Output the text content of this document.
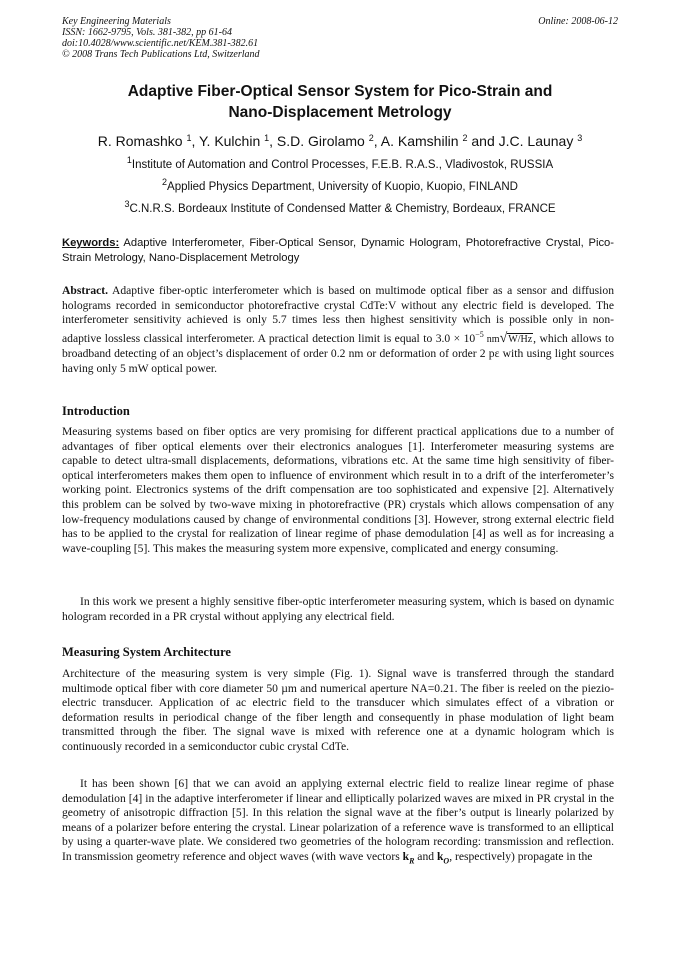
Key Engineering Materials
ISSN: 1662-9795, Vols. 381-382, pp 61-64
doi:10.4028/www.scientific.net/KEM.381-382.61
© 2008 Trans Tech Publications Ltd, Switzerland
Online: 2008-06-12
Adaptive Fiber-Optical Sensor System for Pico-Strain and
Nano-Displacement Metrology
R. Romashko $^1$, Y. Kulchin $^1$, S.D. Girolamo $^2$, A. Kamshilin $^2$ and J.C. Launay $^3$
$^1$Institute of Automation and Control Processes, F.E.B. R.A.S., Vladivostok, RUSSIA
$^2$Applied Physics Department, University of Kuopio, Kuopio, FINLAND
$^3$C.N.R.S. Bordeaux Institute of Condensed Matter & Chemistry, Bordeaux, FRANCE
Keywords: Adaptive Interferometer, Fiber-Optical Sensor, Dynamic Hologram, Photorefractive Crystal, Pico-Strain Metrology, Nano-Displacement Metrology
Abstract. Adaptive fiber-optic interferometer which is based on multimode optical fiber as a sensor and diffusion holograms recorded in semiconductor photorefractive crystal CdTe:V without any electric field is developed. The interferometer sensitivity achieved is only 5.7 times less then highest sensitivity which is possible only in non-adaptive lossless classical interferometer. A practical detection limit is equal to $3.0 \times 10^{-5}$ nm√W/Hz, which allows to broadband detecting of an object’s displacement of order 0.2 nm or deformation of order 2 pε with using light sources having only 5 mW optical power.
Introduction

Measuring systems based on fiber optics are very promising for different practical applications due to a number of advantages of fiber optical elements over their electronics analogues [1]. Interferometer measuring systems are capable to detect ultra-small displacements, deformations, vibrations etc. At the same time high sensitivity of fiber-optical interferometers makes them open to influence of environment which result in to a drift of the interferometer’s working point. Electronics systems of the drift compensation are too sophisticated and expensive [2]. Alternatively this problem can be solved by two-wave mixing in photorefractive (PR) crystals which allows compensation of any low-frequency modulations caused by change of environmental conditions [3]. However, strong external electric field has to be applied to the crystal for realization of linear regime of phase demodulation [4] as well as for increasing a wave-coupling [5]. This makes the measuring system more expensive, complicated and energy consuming.

In this work we present a highly sensitive fiber-optic interferometer measuring system, which is based on dynamic hologram recorded in a PR crystal without applying any electrical field.

Measuring System Architecture

Architecture of the measuring system is very simple (Fig. 1). Signal wave is transferred through the standard multimode optical fiber with core diameter 50 µm and numerical aperture NA=0.21. The fiber is reeled on the piezio-electric transducer. Application of ac electric field to the transducer which simulates effect of a vibration or deformation results in periodical change of the fiber length and consequently in phase modulation of light beam transmitted through the fiber. The signal wave is mixed with reference one at a dynamic hologram which is continuously recorded in a semiconductor cubic crystal CdTe.

It has been shown [6] that we can avoid an applying external electric field to realize linear regime of phase demodulation [4] in the adaptive interferometer if linear and elliptically polarized waves are mixed in PR crystal in the geometry of anisotropic diffraction [5]. In this relation the signal wave at the fiber’s output is linearly polarized by means of a polarizer before entering the crystal. Linear polarization of a reference wave is transformed to an elliptical by using a quarter-wave plate. We considered two geometries of the hologram recording: transmission and reflection. In transmission geometry reference and object waves (with wave vectors $k_R$ and $k_O$, respectively) propagate in the
